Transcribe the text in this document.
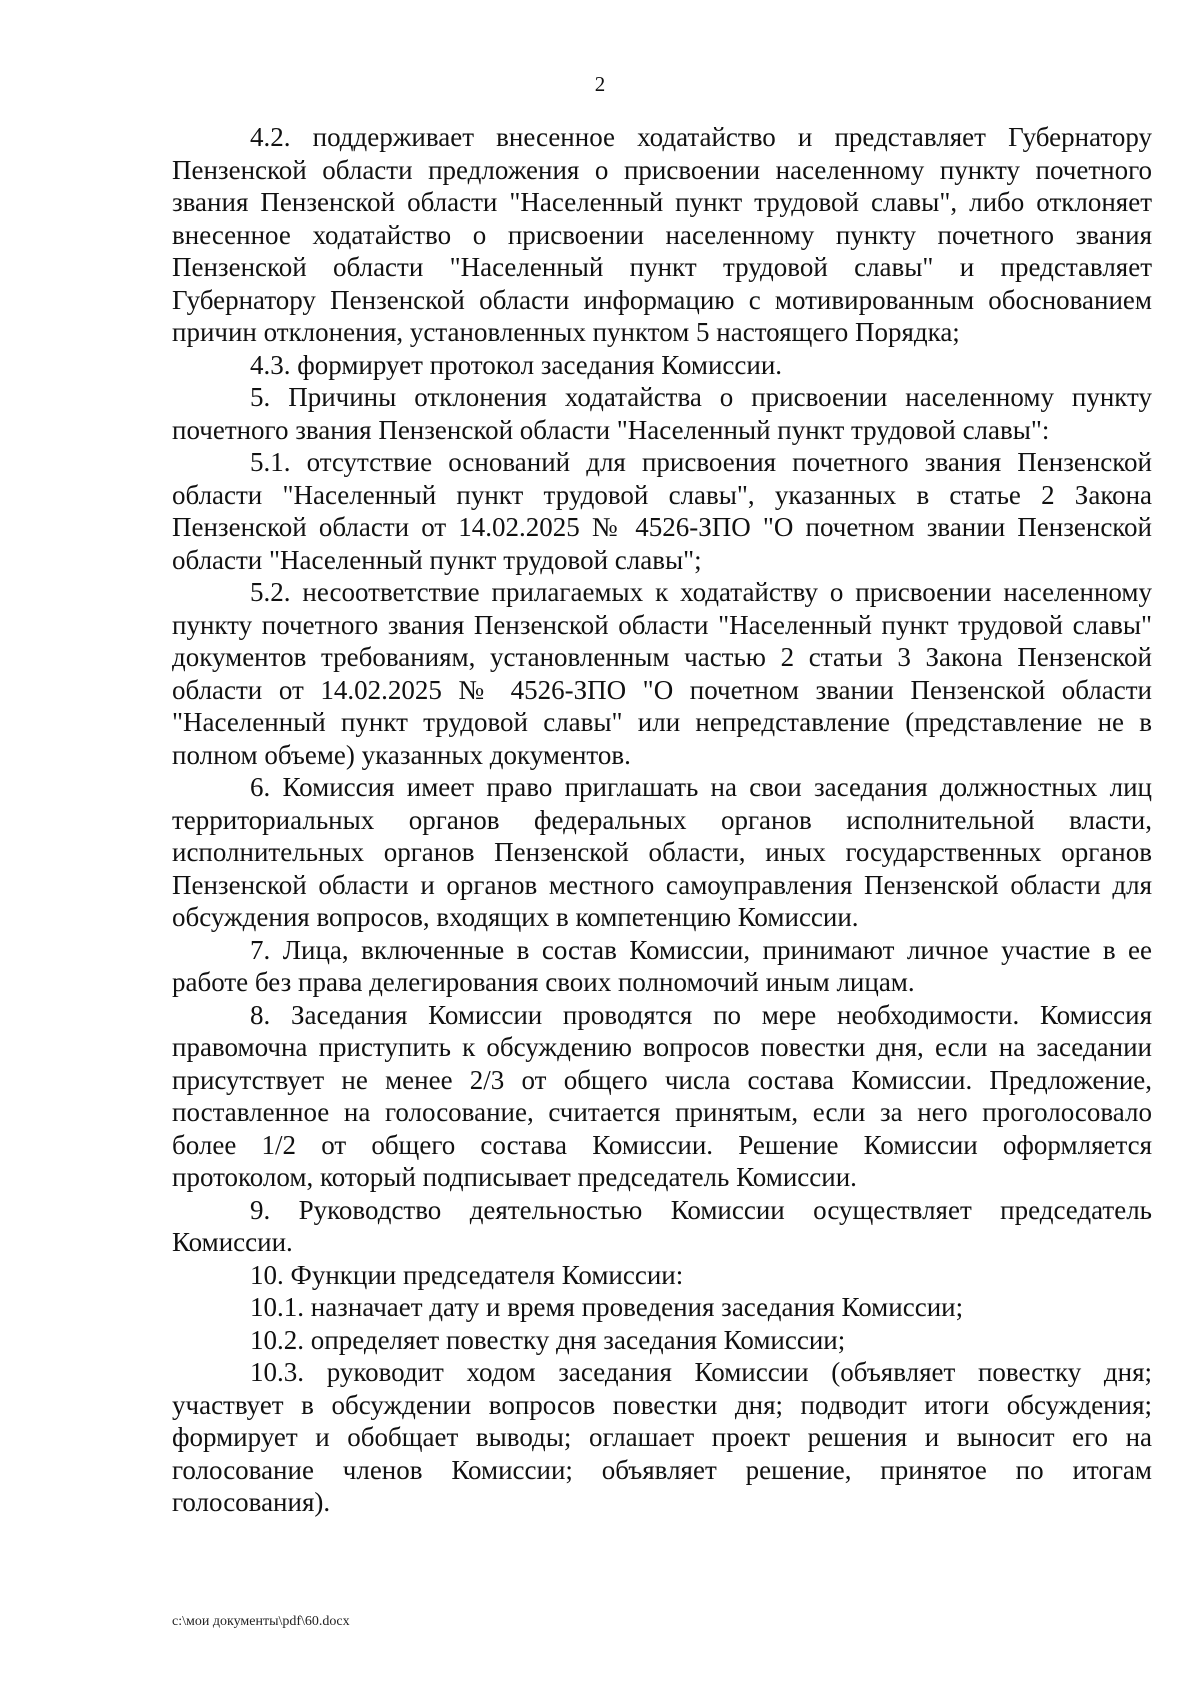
2

4.2. поддерживает внесенное ходатайство и представляет Губернатору Пензенской области предложения о присвоении населенному пункту почетного звания Пензенской области "Населенный пункт трудовой славы", либо отклоняет внесенное ходатайство о присвоении населенному пункту почетного звания Пензенской области "Населенный пункт трудовой славы" и представляет Губернатору Пензенской области информацию с мотивированным обоснованием причин отклонения, установленных пунктом 5 настоящего Порядка;

4.3. формирует протокол заседания Комиссии.

5. Причины отклонения ходатайства о присвоении населенному пункту почетного звания Пензенской области "Населенный пункт трудовой славы":

5.1. отсутствие оснований для присвоения почетного звания Пензенской области "Населенный пункт трудовой славы", указанных в статье 2 Закона Пензенской области от 14.02.2025 № 4526-ЗПО "О почетном звании Пензенской области "Населенный пункт трудовой славы";

5.2. несоответствие прилагаемых к ходатайству о присвоении населенному пункту почетного звания Пензенской области "Населенный пункт трудовой славы" документов требованиям, установленным частью 2 статьи 3 Закона Пензенской области от 14.02.2025 № 4526-ЗПО "О почетном звании Пензенской области "Населенный пункт трудовой славы" или непредставление (представление не в полном объеме) указанных документов.

6. Комиссия имеет право приглашать на свои заседания должностных лиц территориальных органов федеральных органов исполнительной власти, исполнительных органов Пензенской области, иных государственных органов Пензенской области и органов местного самоуправления Пензенской области для обсуждения вопросов, входящих в компетенцию Комиссии.

7. Лица, включенные в состав Комиссии, принимают личное участие в ее работе без права делегирования своих полномочий иным лицам.

8. Заседания Комиссии проводятся по мере необходимости. Комиссия правомочна приступить к обсуждению вопросов повестки дня, если на заседании присутствует не менее 2/3 от общего числа состава Комиссии. Предложение, поставленное на голосование, считается принятым, если за него проголосовало более 1/2 от общего состава Комиссии. Решение Комиссии оформляется протоколом, который подписывает председатель Комиссии.

9. Руководство деятельностью Комиссии осуществляет председатель Комиссии.

10. Функции председателя Комиссии:

10.1. назначает дату и время проведения заседания Комиссии;

10.2. определяет повестку дня заседания Комиссии;

10.3. руководит ходом заседания Комиссии (объявляет повестку дня; участвует в обсуждении вопросов повестки дня; подводит итоги обсуждения; формирует и обобщает выводы; оглашает проект решения и выносит его на голосование членов Комиссии; объявляет решение, принятое по итогам голосования).

c:\мои документы\pdf\60.docx
